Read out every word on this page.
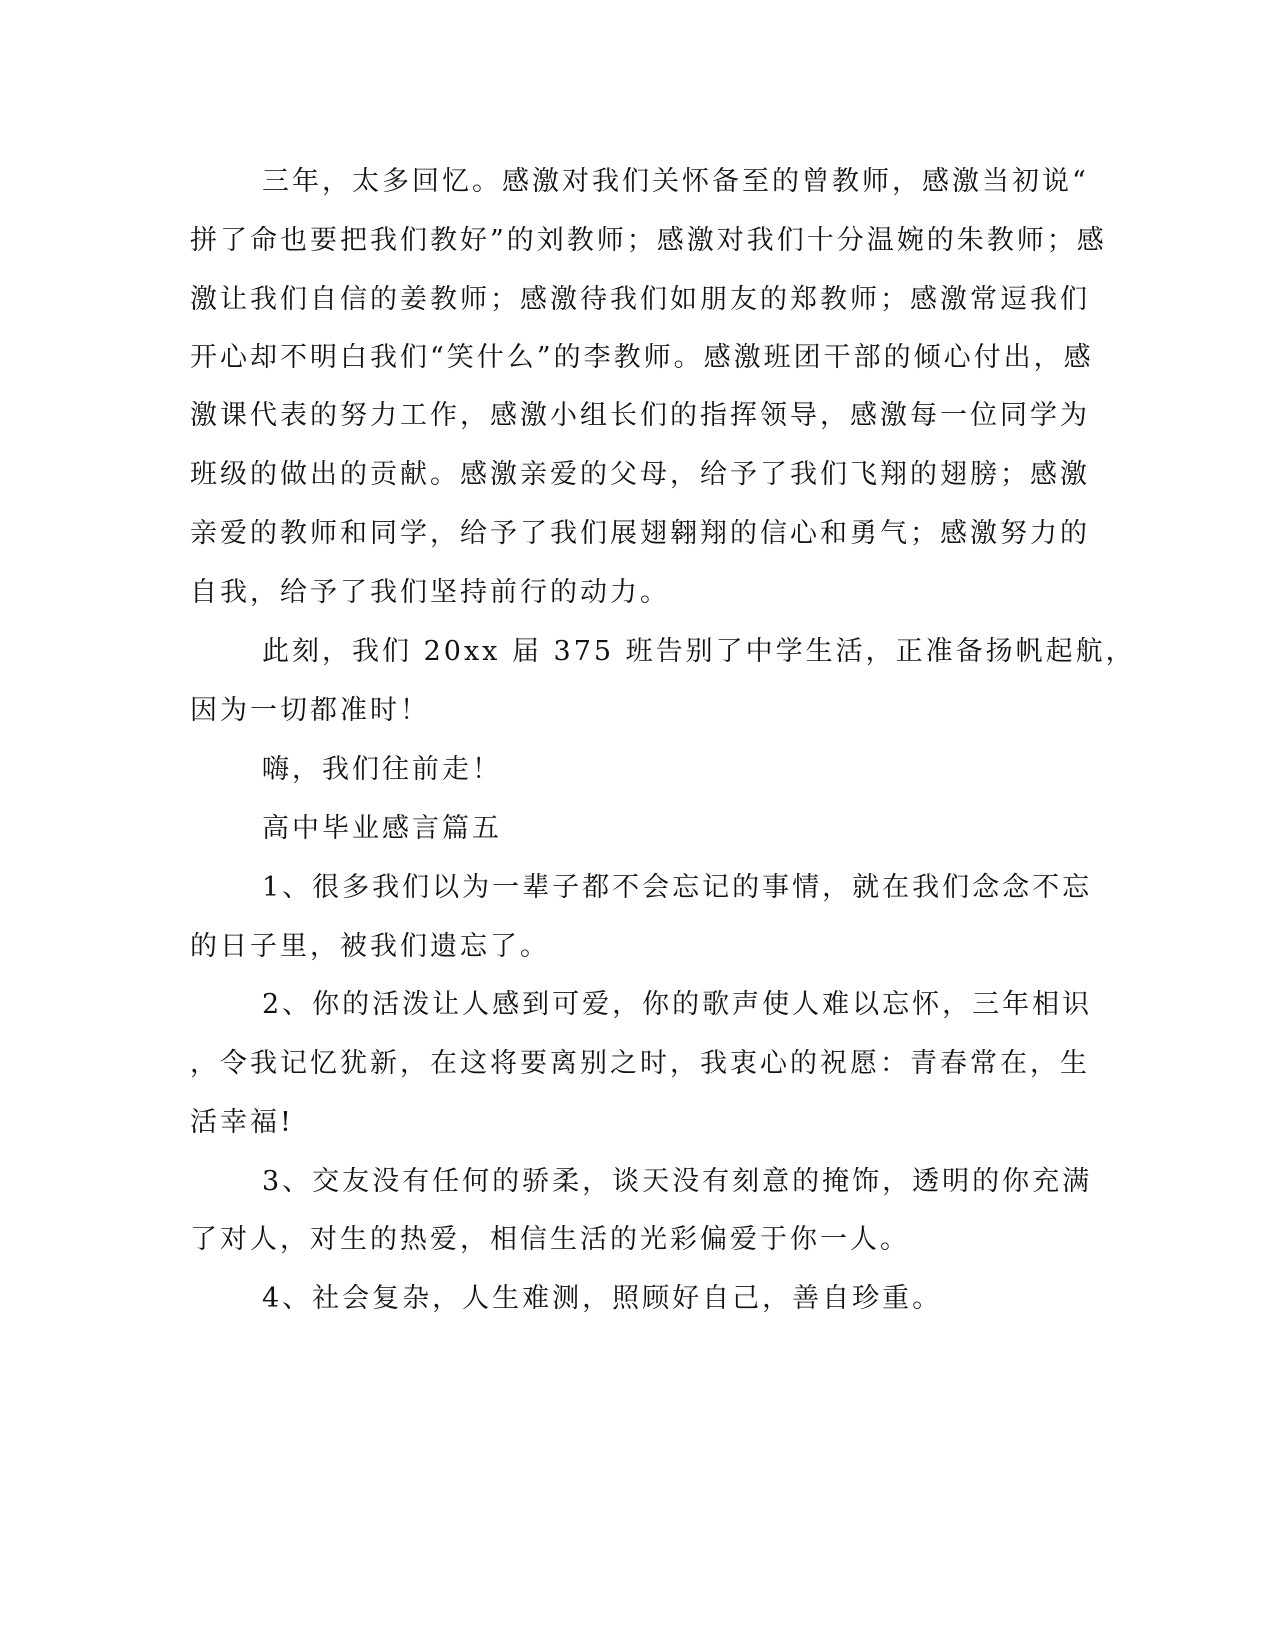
三年，太多回忆。感激对我们关怀备至的曾教师，感激当初说“
拼了命也要把我们教好”的刘教师；感激对我们十分温婉的朱教师；感
激让我们自信的姜教师；感激待我们如朋友的郑教师；感激常逗我们
开心却不明白我们“笑什么”的李教师。感激班团干部的倾心付出，感
激课代表的努力工作，感激小组长们的指挥领导，感激每一位同学为
班级的做出的贡献。感激亲爱的父母，给予了我们飞翔的翅膀；感激
亲爱的教师和同学，给予了我们展翅翱翔的信心和勇气；感激努力的
自我，给予了我们坚持前行的动力。
此刻，我们 20xx 届 375 班告别了中学生活，正准备扬帆起航，
因为一切都准时！
嗨，我们往前走！
高中毕业感言篇五
1、很多我们以为一辈子都不会忘记的事情，就在我们念念不忘
的日子里，被我们遗忘了。
2、你的活泼让人感到可爱，你的歌声使人难以忘怀，三年相识
，令我记忆犹新，在这将要离别之时，我衷心的祝愿：青春常在，生
活幸福!
3、交友没有任何的骄柔，谈天没有刻意的掩饰，透明的你充满
了对人，对生的热爱，相信生活的光彩偏爱于你一人。
4、社会复杂，人生难测，照顾好自己，善自珍重。
